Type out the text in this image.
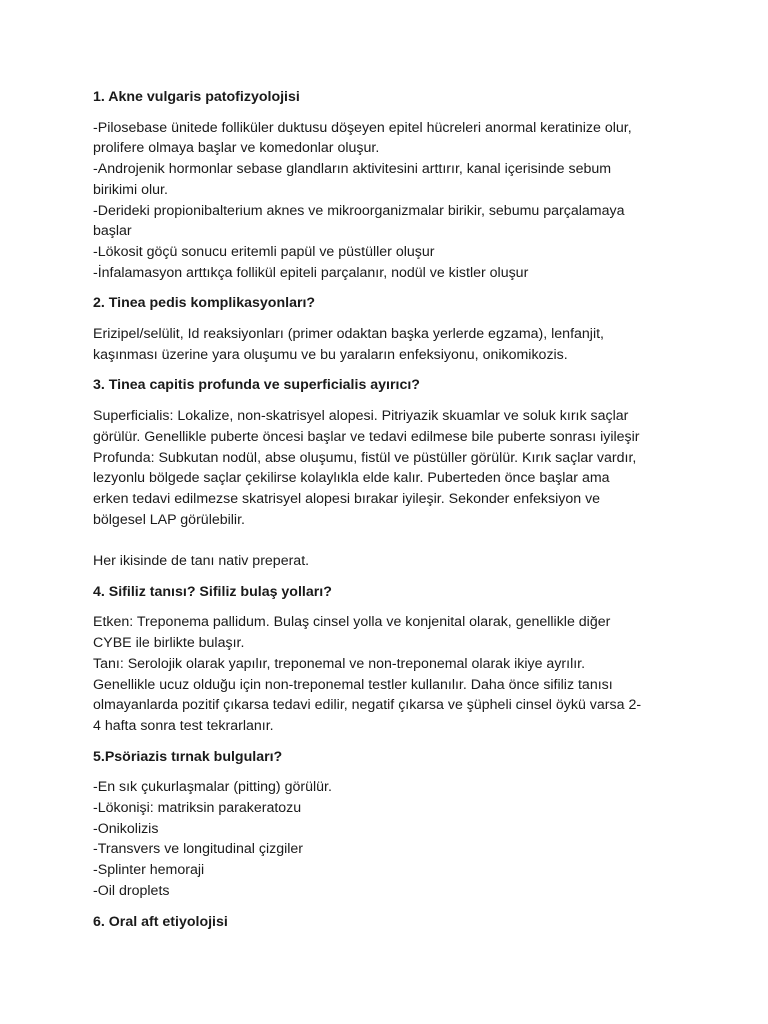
1. Akne vulgaris patofizyolojisi
-Pilosebase ünitede folliküler duktusu döşeyen epitel hücreleri anormal keratinize olur,
prolifere olmaya başlar ve komedonlar oluşur.
-Androjenik hormonlar sebase glandların aktivitesini arttırır, kanal içerisinde sebum
birikimi olur.
-Derideki propionibalterium aknes ve mikroorganizmalar birikir, sebumu parçalamaya
başlar
-Lökosit göçü sonucu eritemli papül ve püstüller oluşur
-İnfalamasyon arttıkça follikül epiteli parçalanır, nodül ve kistler oluşur
2. Tinea pedis komplikasyonları?
Erizipel/selülit, Id reaksiyonları (primer odaktan başka yerlerde egzama), lenfanjit,
kaşınması üzerine yara oluşumu ve bu yaraların enfeksiyonu, onikomikozis.
3. Tinea capitis profunda ve superficialis ayırıcı?
Superficialis: Lokalize, non-skatrisyel alopesi. Pitriyazik skuamlar ve soluk kırık saçlar
görülür. Genellikle puberte öncesi başlar ve tedavi edilmese bile puberte sonrası iyileşir
Profunda: Subkutan nodül, abse oluşumu, fistül ve püstüller görülür. Kırık saçlar vardır,
lezyonlu bölgede saçlar çekilirse kolaylıkla elde kalır. Puberteden önce başlar ama
erken tedavi edilmezse skatrisyel alopesi bırakar iyileşir. Sekonder enfeksiyon ve
bölgesel LAP görülebilir.
Her ikisinde de tanı nativ preperat.
4. Sifiliz tanısı? Sifiliz bulaş yolları?
Etken: Treponema pallidum. Bulaş cinsel yolla ve konjenital olarak, genellikle diğer
CYBE ile birlikte bulaşır.
Tanı: Serolojik olarak yapılır, treponemal ve non-treponemal olarak ikiye ayrılır.
Genellikle ucuz olduğu için non-treponemal testler kullanılır. Daha önce sifiliz tanısı
olmayanlarda pozitif çıkarsa tedavi edilir, negatif çıkarsa ve şüpheli cinsel öykü varsa 2-
4 hafta sonra test tekrarlanır.
5.Psöriazis tırnak bulguları?
-En sık çukurlaşmalar (pitting) görülür.
-Lökonişi: matriksin parakeratozu
-Onikolizis
-Transvers ve longitudinal çizgiler
-Splinter hemoraji
-Oil droplets
6. Oral aft etiyolojisi
